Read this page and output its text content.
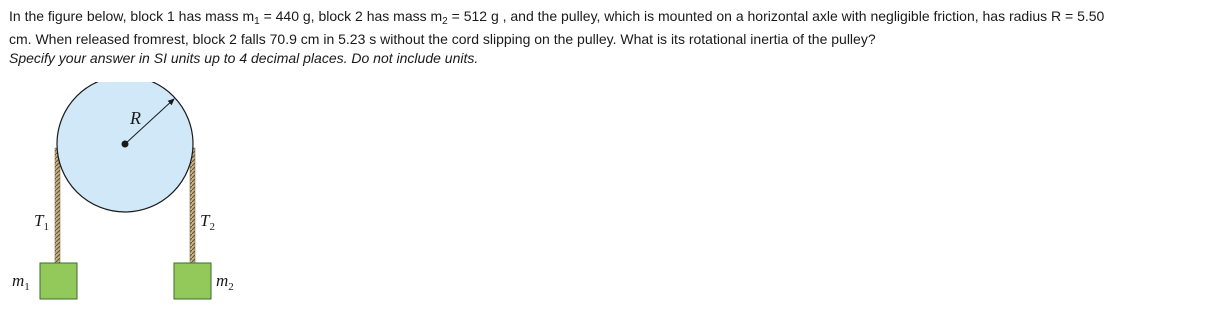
In the figure below, block 1 has mass $m_1 = 440$ g, block 2 has mass $m_2 = 512$ g , and the pulley, which is mounted on a horizontal axle with negligible friction, has radius R = 5.50
cm. When released fromrest, block 2 falls 70.9 cm in 5.23 s without the cord slipping on the pulley. What is its rotational inertia of the pulley?

Specify your answer in SI units up to 4 decimal places. Do not include units.

R
$T_1$	$T_2$
$m_1$	$m_2$
